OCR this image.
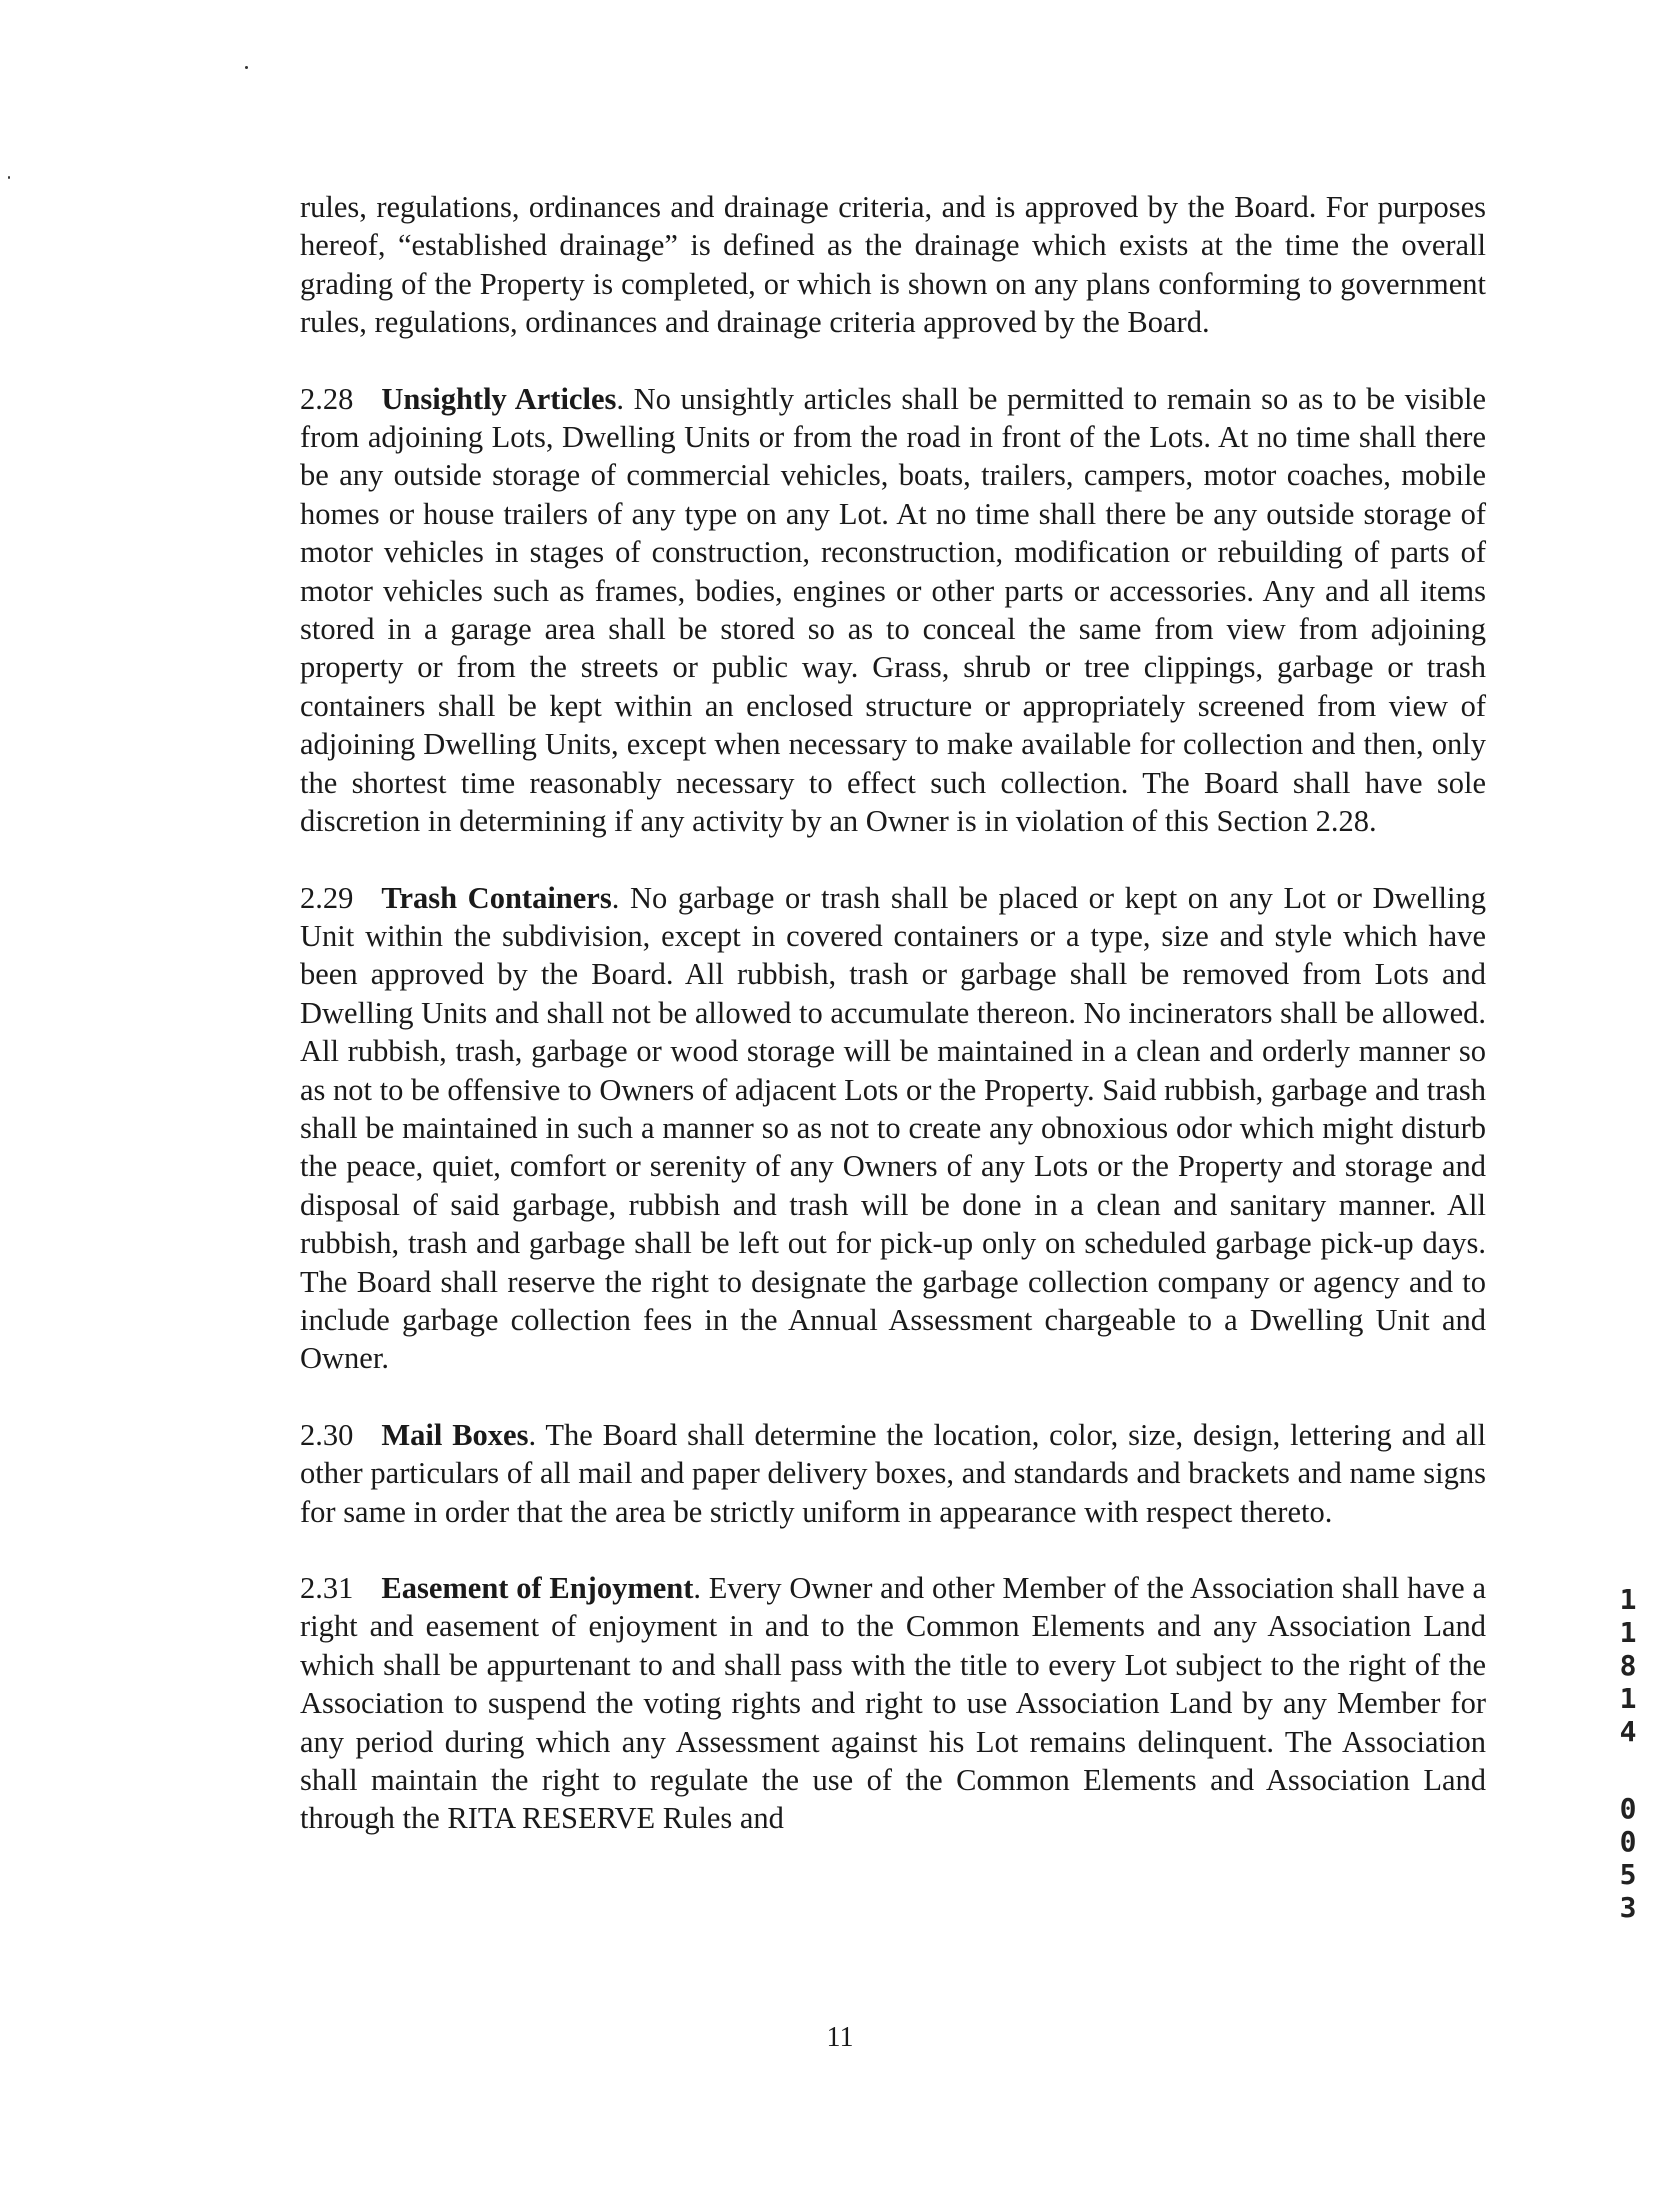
rules, regulations, ordinances and drainage criteria, and is approved by the Board. For purposes hereof, “established drainage” is defined as the drainage which exists at the time the overall grading of the Property is completed, or which is shown on any plans conforming to government rules, regulations, ordinances and drainage criteria approved by the Board.

2.28 Unsightly Articles. No unsightly articles shall be permitted to remain so as to be visible from adjoining Lots, Dwelling Units or from the road in front of the Lots. At no time shall there be any outside storage of commercial vehicles, boats, trailers, campers, motor coaches, mobile homes or house trailers of any type on any Lot. At no time shall there be any outside storage of motor vehicles in stages of construction, reconstruction, modification or rebuilding of parts of motor vehicles such as frames, bodies, engines or other parts or accessories. Any and all items stored in a garage area shall be stored so as to conceal the same from view from adjoining property or from the streets or public way. Grass, shrub or tree clippings, garbage or trash containers shall be kept within an enclosed structure or appropriately screened from view of adjoining Dwelling Units, except when necessary to make available for collection and then, only the shortest time reasonably necessary to effect such collection. The Board shall have sole discretion in determining if any activity by an Owner is in violation of this Section 2.28.

2.29 Trash Containers. No garbage or trash shall be placed or kept on any Lot or Dwelling Unit within the subdivision, except in covered containers or a type, size and style which have been approved by the Board. All rubbish, trash or garbage shall be removed from Lots and Dwelling Units and shall not be allowed to accumulate thereon. No incinerators shall be allowed. All rubbish, trash, garbage or wood storage will be maintained in a clean and orderly manner so as not to be offensive to Owners of adjacent Lots or the Property. Said rubbish, garbage and trash shall be maintained in such a manner so as not to create any obnoxious odor which might disturb the peace, quiet, comfort or serenity of any Owners of any Lots or the Property and storage and disposal of said garbage, rubbish and trash will be done in a clean and sanitary manner. All rubbish, trash and garbage shall be left out for pick-up only on scheduled garbage pick-up days. The Board shall reserve the right to designate the garbage collection company or agency and to include garbage collection fees in the Annual Assessment chargeable to a Dwelling Unit and Owner.

2.30 Mail Boxes. The Board shall determine the location, color, size, design, lettering and all other particulars of all mail and paper delivery boxes, and standards and brackets and name signs for same in order that the area be strictly uniform in appearance with respect thereto.

2.31 Easement of Enjoyment. Every Owner and other Member of the Association shall have a right and easement of enjoyment in and to the Common Elements and any Association Land which shall be appurtenant to and shall pass with the title to every Lot subject to the right of the Association to suspend the voting rights and right to use Association Land by any Member for any period during which any Assessment against his Lot remains delinquent. The Association shall maintain the right to regulate the use of the Common Elements and Association Land through the RITA RESERVE Rules and

1
1
8
1
4
0
0
5
3
11
